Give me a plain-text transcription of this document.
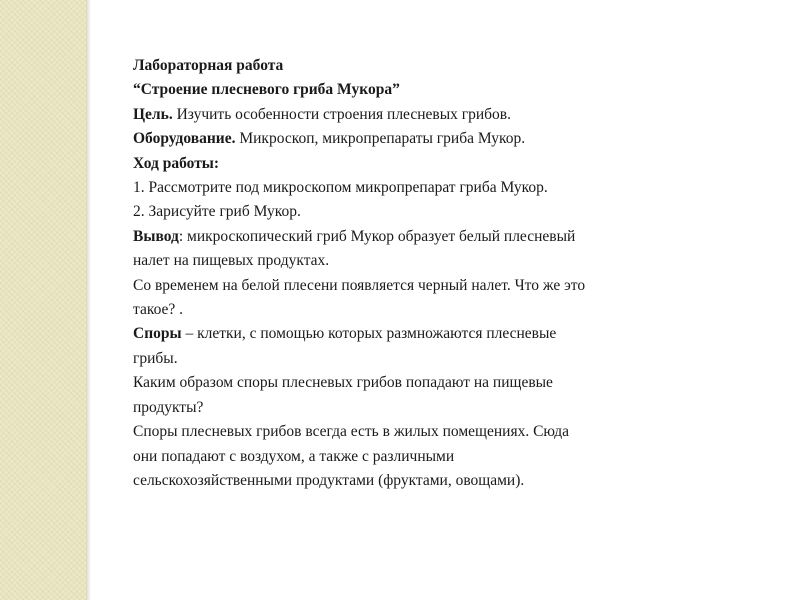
Лабораторная работа

“Строение плесневого гриба Мукора”

Цель. Изучить особенности строения плесневых грибов.

Оборудование. Микроскоп, микропрепараты гриба Мукор.

Ход работы:

1. Рассмотрите под микроскопом микропрепарат гриба Мукор.

2. Зарисуйте гриб Мукор.

Вывод: микроскопический гриб Мукор образует белый плесневый

налет на пищевых продуктах.

Со временем на белой плесени появляется черный налет. Что же это

такое? .

Споры – клетки, с помощью которых размножаются плесневые

грибы.

Каким образом споры плесневых грибов попадают на пищевые

продукты?

Споры плесневых грибов всегда есть в жилых помещениях. Сюда

они попадают с воздухом, а также с различными

сельскохозяйственными продуктами (фруктами, овощами).
